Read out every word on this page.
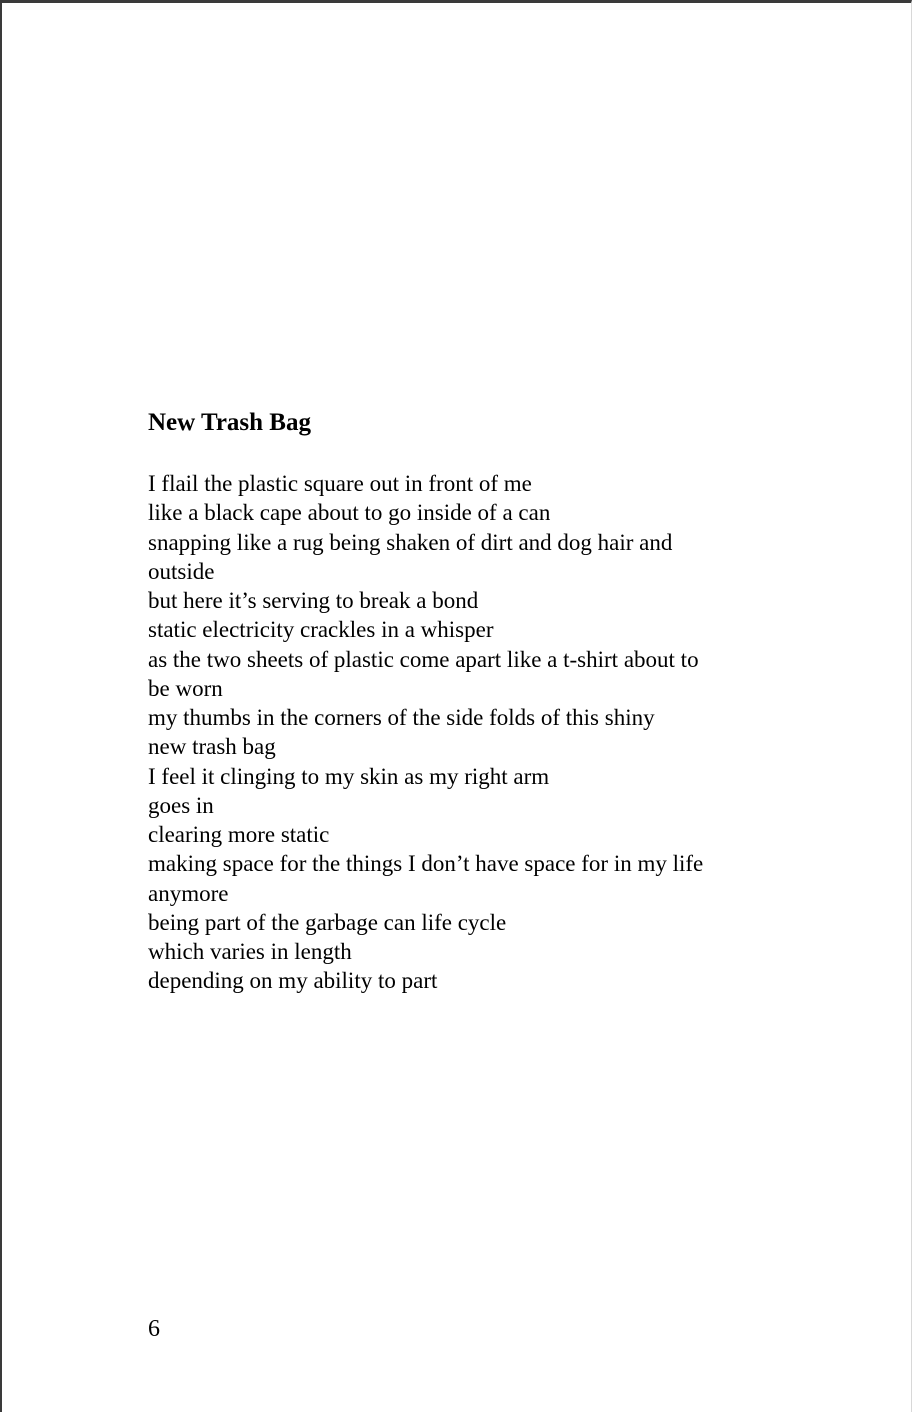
New Trash Bag
I flail the plastic square out in front of me
like a black cape about to go inside of a can
snapping like a rug being shaken of dirt and dog hair and
outside
but here it’s serving to break a bond
static electricity crackles in a whisper
as the two sheets of plastic come apart like a t-shirt about to
be worn
my thumbs in the corners of the side folds of this shiny
new trash bag
I feel it clinging to my skin as my right arm
goes in
clearing more static
making space for the things I don’t have space for in my life
anymore
being part of the garbage can life cycle
which varies in length
depending on my ability to part
6
